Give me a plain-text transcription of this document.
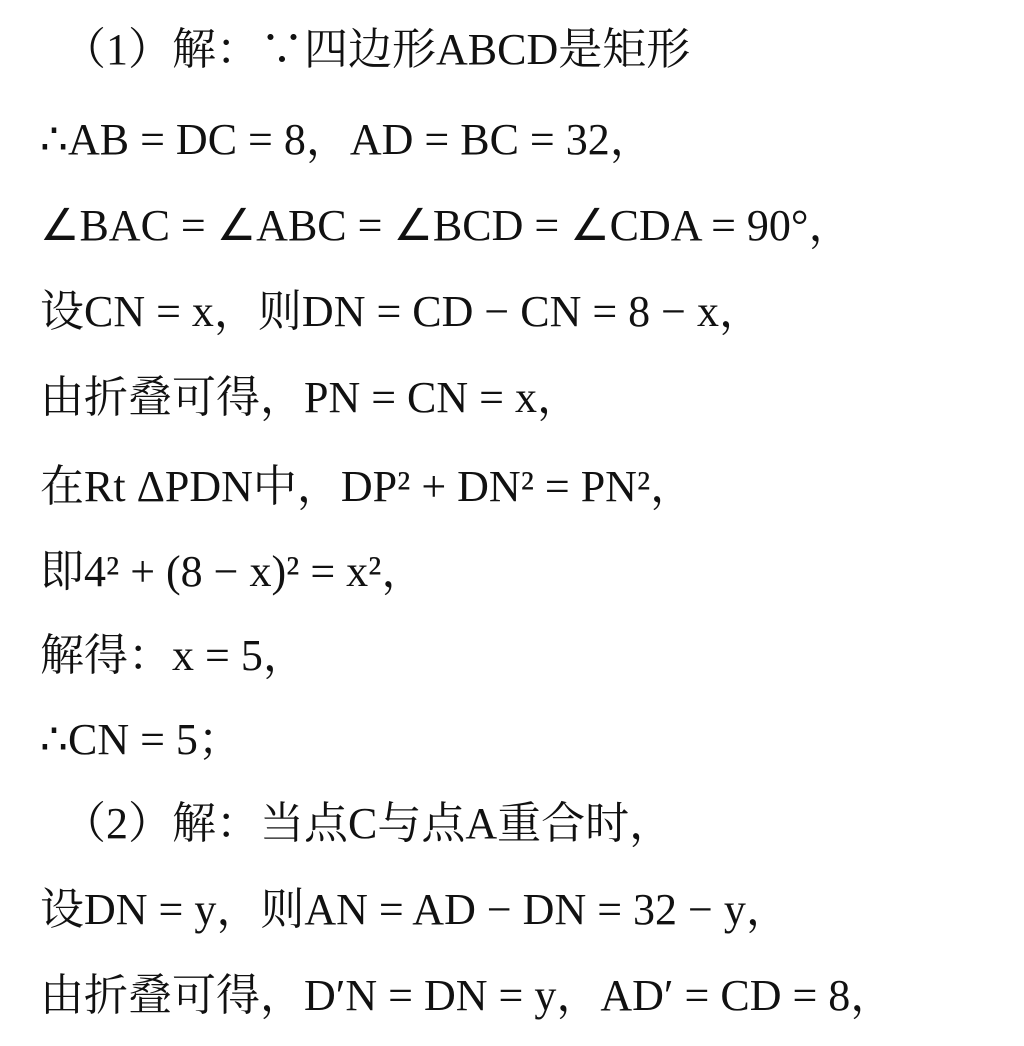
（1）解：∵四边形ABCD是矩形
∴AB = DC = 8，AD = BC = 32，
∠BAC = ∠ABC = ∠BCD = ∠CDA = 90°，
设CN = x，则DN = CD − CN = 8 − x，
由折叠可得，PN = CN = x，
在Rt ΔPDN中，DP² + DN² = PN²，
即4² + (8 − x)² = x²，
解得：x = 5，
∴CN = 5；
（2）解：当点C与点A重合时，
设DN = y，则AN = AD − DN = 32 − y，
由折叠可得，D′N = DN = y，AD′ = CD = 8，
